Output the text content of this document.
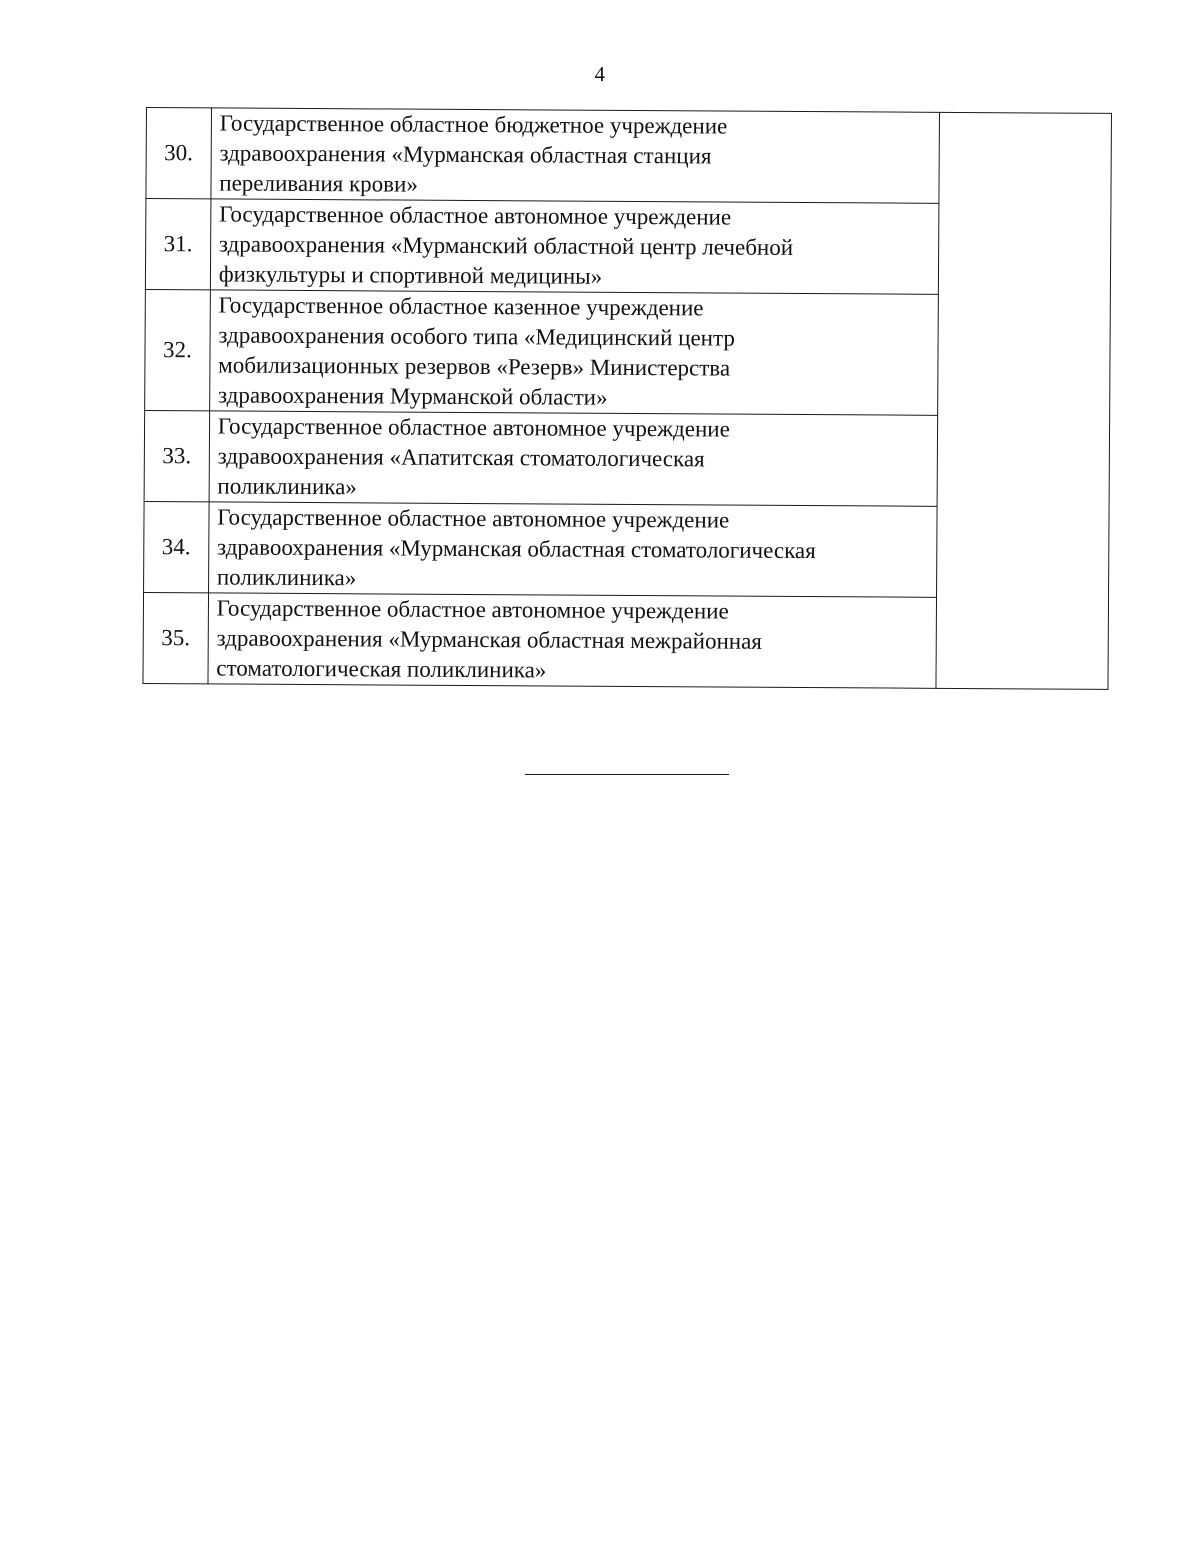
4
30.	Государственное областное бюджетное учреждение
здравоохранения «Мурманская областная станция
переливания крови»	

31.	Государственное областное автономное учреждение
здравоохранения «Мурманский областной центр лечебной
физкультуры и спортивной медицины»	

32.	Государственное областное казенное учреждение
здравоохранения особого типа «Медицинский центр
мобилизационных резервов «Резерв» Министерства
здравоохранения Мурманской области»	

33.	Государственное областное автономное учреждение
здравоохранения «Апатитская стоматологическая
поликлиника»	

34.	Государственное областное автономное учреждение
здравоохранения «Мурманская областная стоматологическая
поликлиника»	

35.	Государственное областное автономное учреждение
здравоохранения «Мурманская областная межрайонная
стоматологическая поликлиника»	
